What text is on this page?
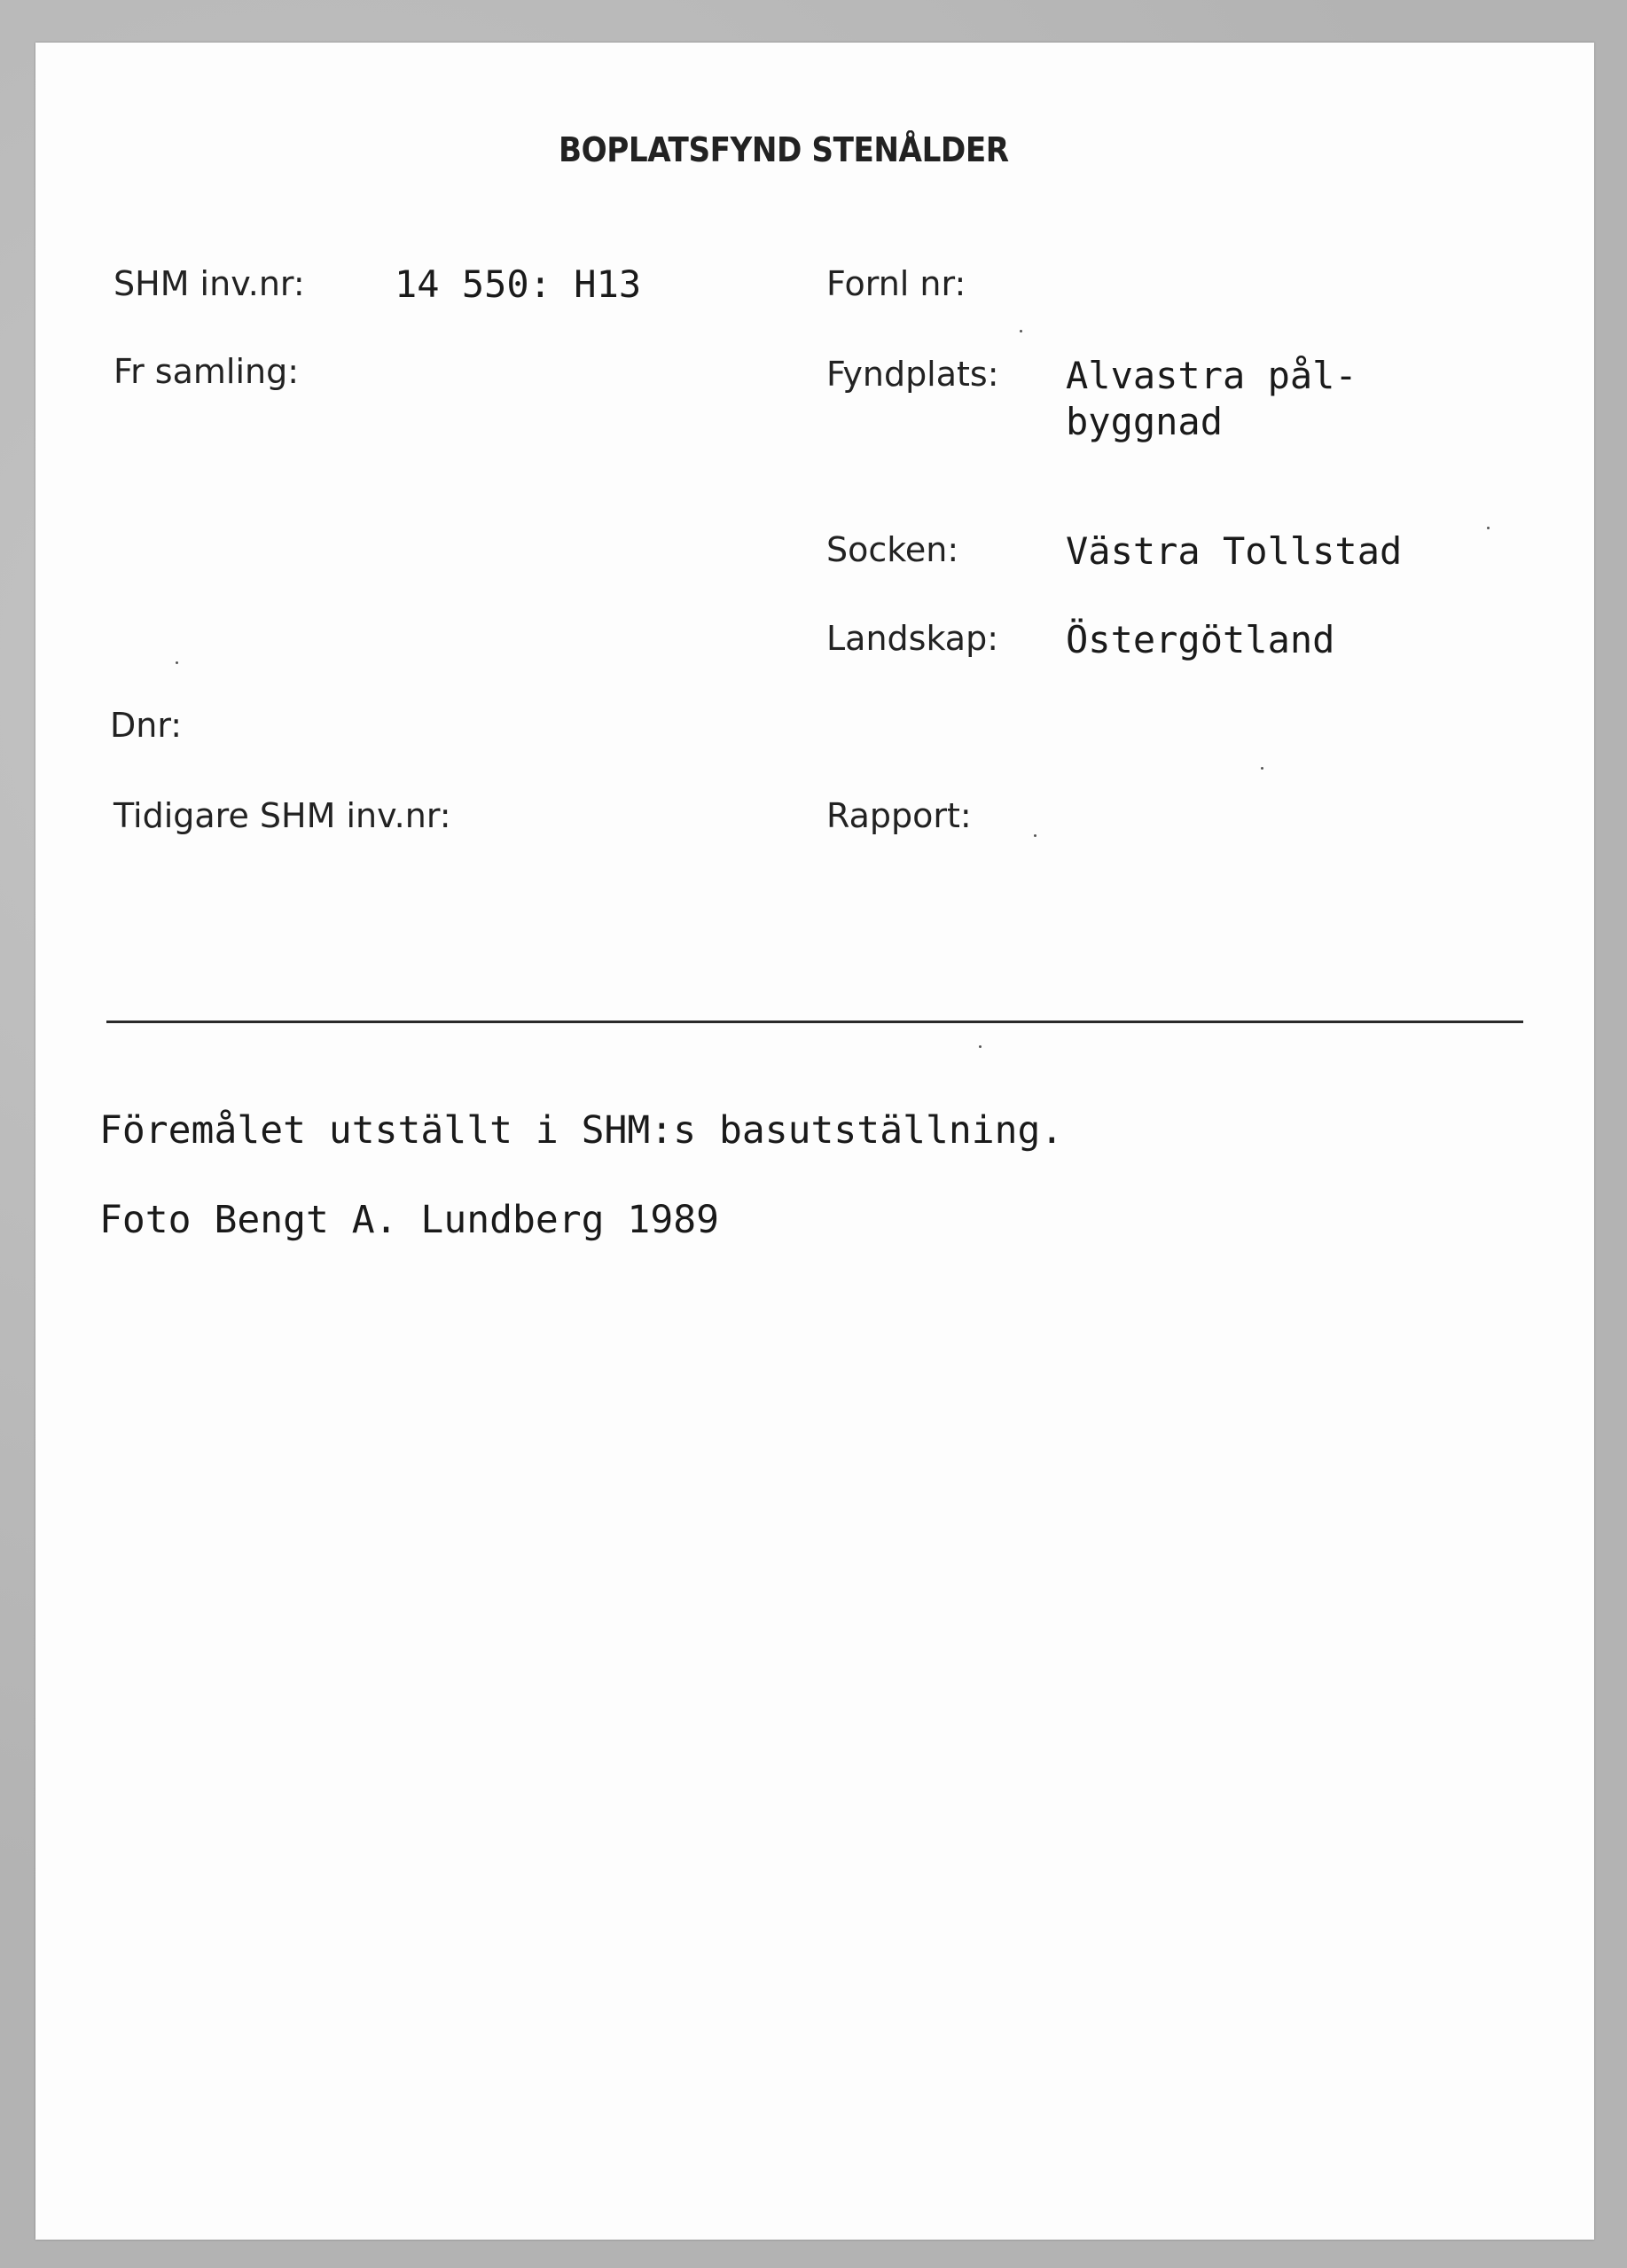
BOPLATSFYND STENÅLDER
SHM inv.nr: 14 550: H13
Fr samling:
Dnr:
Tidigare SHM inv.nr:
Fornl nr:
Fyndplats: Alvastra pål-
byggnad
Socken:	Västra Tollstad
Landskap: Östergötland
Rapport:
Föremålet utställt i SHM:s basutställning.
Foto Bengt A. Lundberg 1989
